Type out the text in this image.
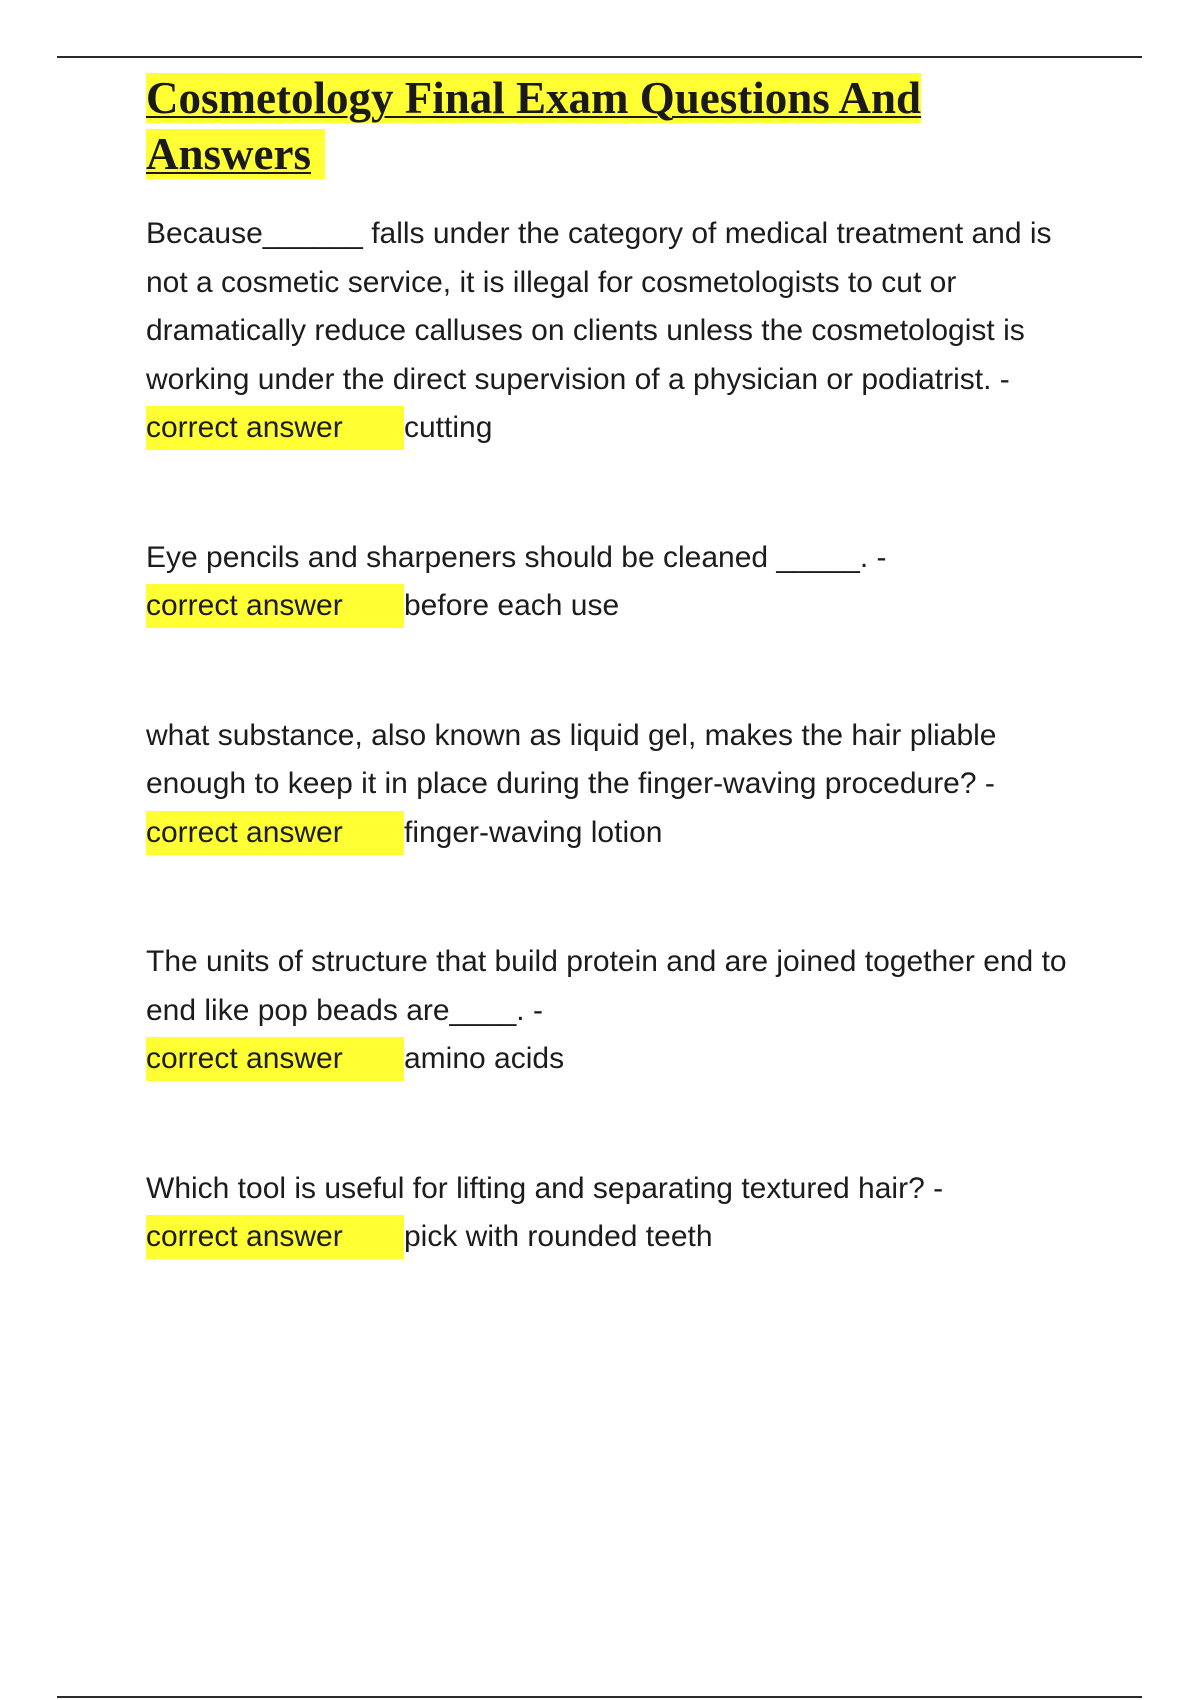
Cosmetology Final Exam Questions And Answers
Because______ falls under the category of medical treatment and is not a cosmetic service, it is illegal for cosmetologists to cut or dramatically reduce calluses on clients unless the cosmetologist is working under the direct supervision of a physician or podiatrist. -
correct answer	cutting
Eye pencils and sharpeners should be cleaned _____. -
correct answer	before each use
what substance, also known as liquid gel, makes the hair pliable enough to keep it in place during the finger-waving procedure? -
correct answer	finger-waving lotion
The units of structure that build protein and are joined together end to end like pop beads are____. -
correct answer	amino acids
Which tool is useful for lifting and separating textured hair? -
correct answer	pick with rounded teeth
